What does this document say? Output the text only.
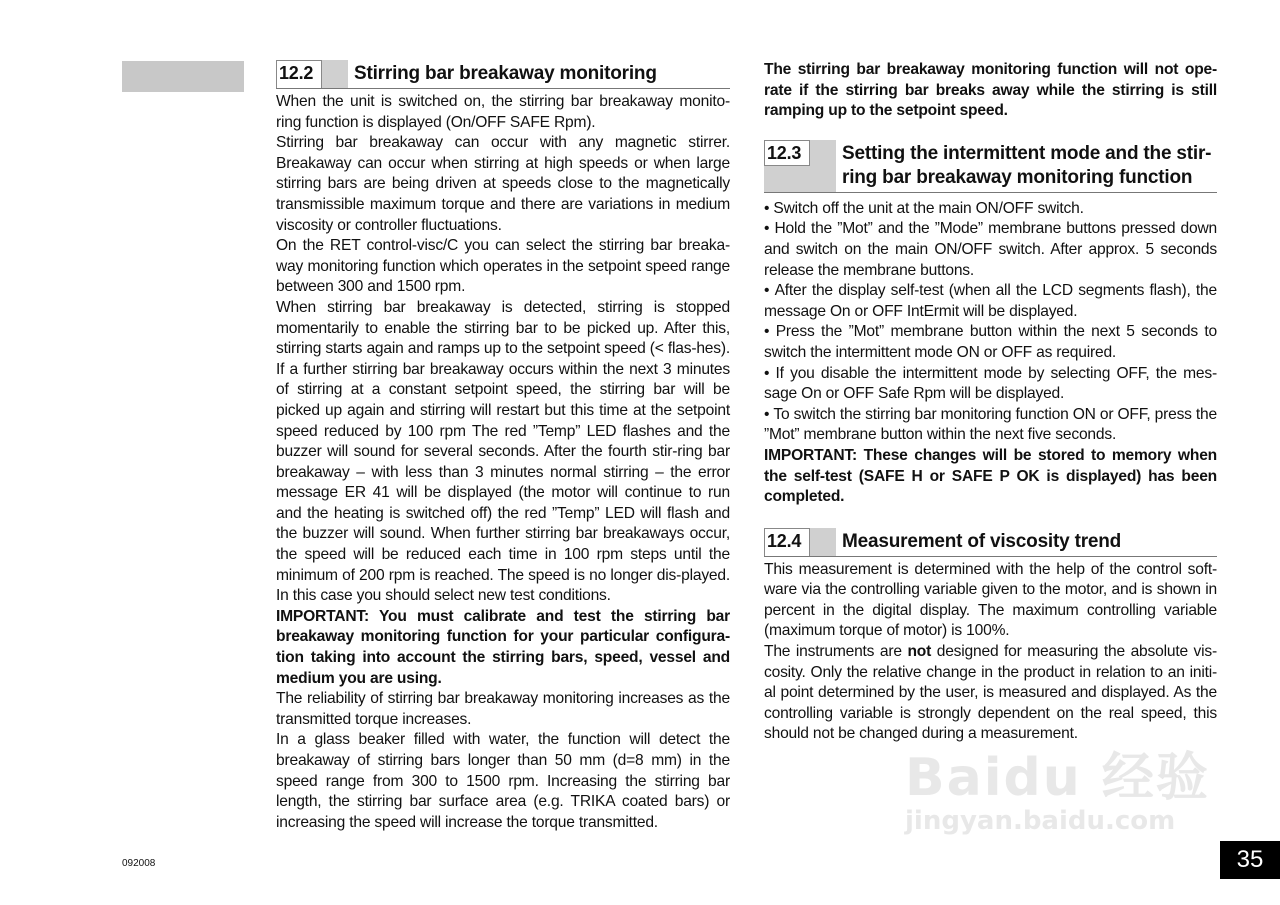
12.2	Stirring bar breakaway monitoring

When the unit is switched on, the stirring bar breakaway monito-ring function is displayed (On/OFF SAFE Rpm).

Stirring bar breakaway can occur with any magnetic stirrer. Breakaway can occur when stirring at high speeds or when large stirring bars are being driven at speeds close to the magnetically transmissible maximum torque and there are variations in medium viscosity or controller fluctuations.

On the RET control-visc/C you can select the stirring bar breaka-way monitoring function which operates in the setpoint speed range between 300 and 1500 rpm.

When stirring bar breakaway is detected, stirring is stopped momentarily to enable the stirring bar to be picked up. After this, stirring starts again and ramps up to the setpoint speed (< flas-hes). If a further stirring bar breakaway occurs within the next 3 minutes of stirring at a constant setpoint speed, the stirring bar will be picked up again and stirring will restart but this time at the setpoint speed reduced by 100 rpm The red ”Temp” LED flashes and the buzzer will sound for several seconds. After the fourth stir-ring bar breakaway – with less than 3 minutes normal stirring – the error message ER 41 will be displayed (the motor will continue to run and the heating is switched off) the red ”Temp” LED will flash and the buzzer will sound. When further stirring bar breakaways occur, the speed will be reduced each time in 100 rpm steps until the minimum of 200 rpm is reached. The speed is no longer dis-played. In this case you should select new test conditions.

IMPORTANT: You must calibrate and test the stirring bar breakaway monitoring function for your particular configura-tion taking into account the stirring bars, speed, vessel and medium you are using.

The reliability of stirring bar breakaway monitoring increases as the transmitted torque increases.

In a glass beaker filled with water, the function will detect the breakaway of stirring bars longer than 50 mm (d=8 mm) in the speed range from 300 to 1500 rpm. Increasing the stirring bar length, the stirring bar surface area (e.g. TRIKA coated bars) or increasing the speed will increase the torque transmitted.

The stirring bar breakaway monitoring function will not ope-rate if the stirring bar breaks away while the stirring is still ramping up to the setpoint speed.

12.3	Setting the intermittent mode and the stir-ring bar breakaway monitoring function

• Switch off the unit at the main ON/OFF switch.

• Hold the ”Mot” and the ”Mode” membrane buttons pressed down and switch on the main ON/OFF switch. After approx. 5 seconds release the membrane buttons.

• After the display self-test (when all the LCD segments flash), the message On or OFF IntErmit will be displayed.

• Press the ”Mot” membrane button within the next 5 seconds to switch the intermittent mode ON or OFF as required.

• If you disable the intermittent mode by selecting OFF, the mes-sage On or OFF Safe Rpm will be displayed.

• To switch the stirring bar monitoring function ON or OFF, press the ”Mot” membrane button within the next five seconds.

IMPORTANT: These changes will be stored to memory when the self-test (SAFE H or SAFE P OK is displayed) has been completed.

12.4	Measurement of viscosity trend

This measurement is determined with the help of the control soft-ware via the controlling variable given to the motor, and is shown in percent in the digital display. The maximum controlling variable (maximum torque of motor) is 100%.

The instruments are not designed for measuring the absolute vis-cosity. Only the relative change in the product in relation to an initi-al point determined by the user, is measured and displayed. As the controlling variable is strongly dependent on the real speed, this should not be changed during a measurement.

092008	35
Baidu 经验
jingyan.baidu.com
